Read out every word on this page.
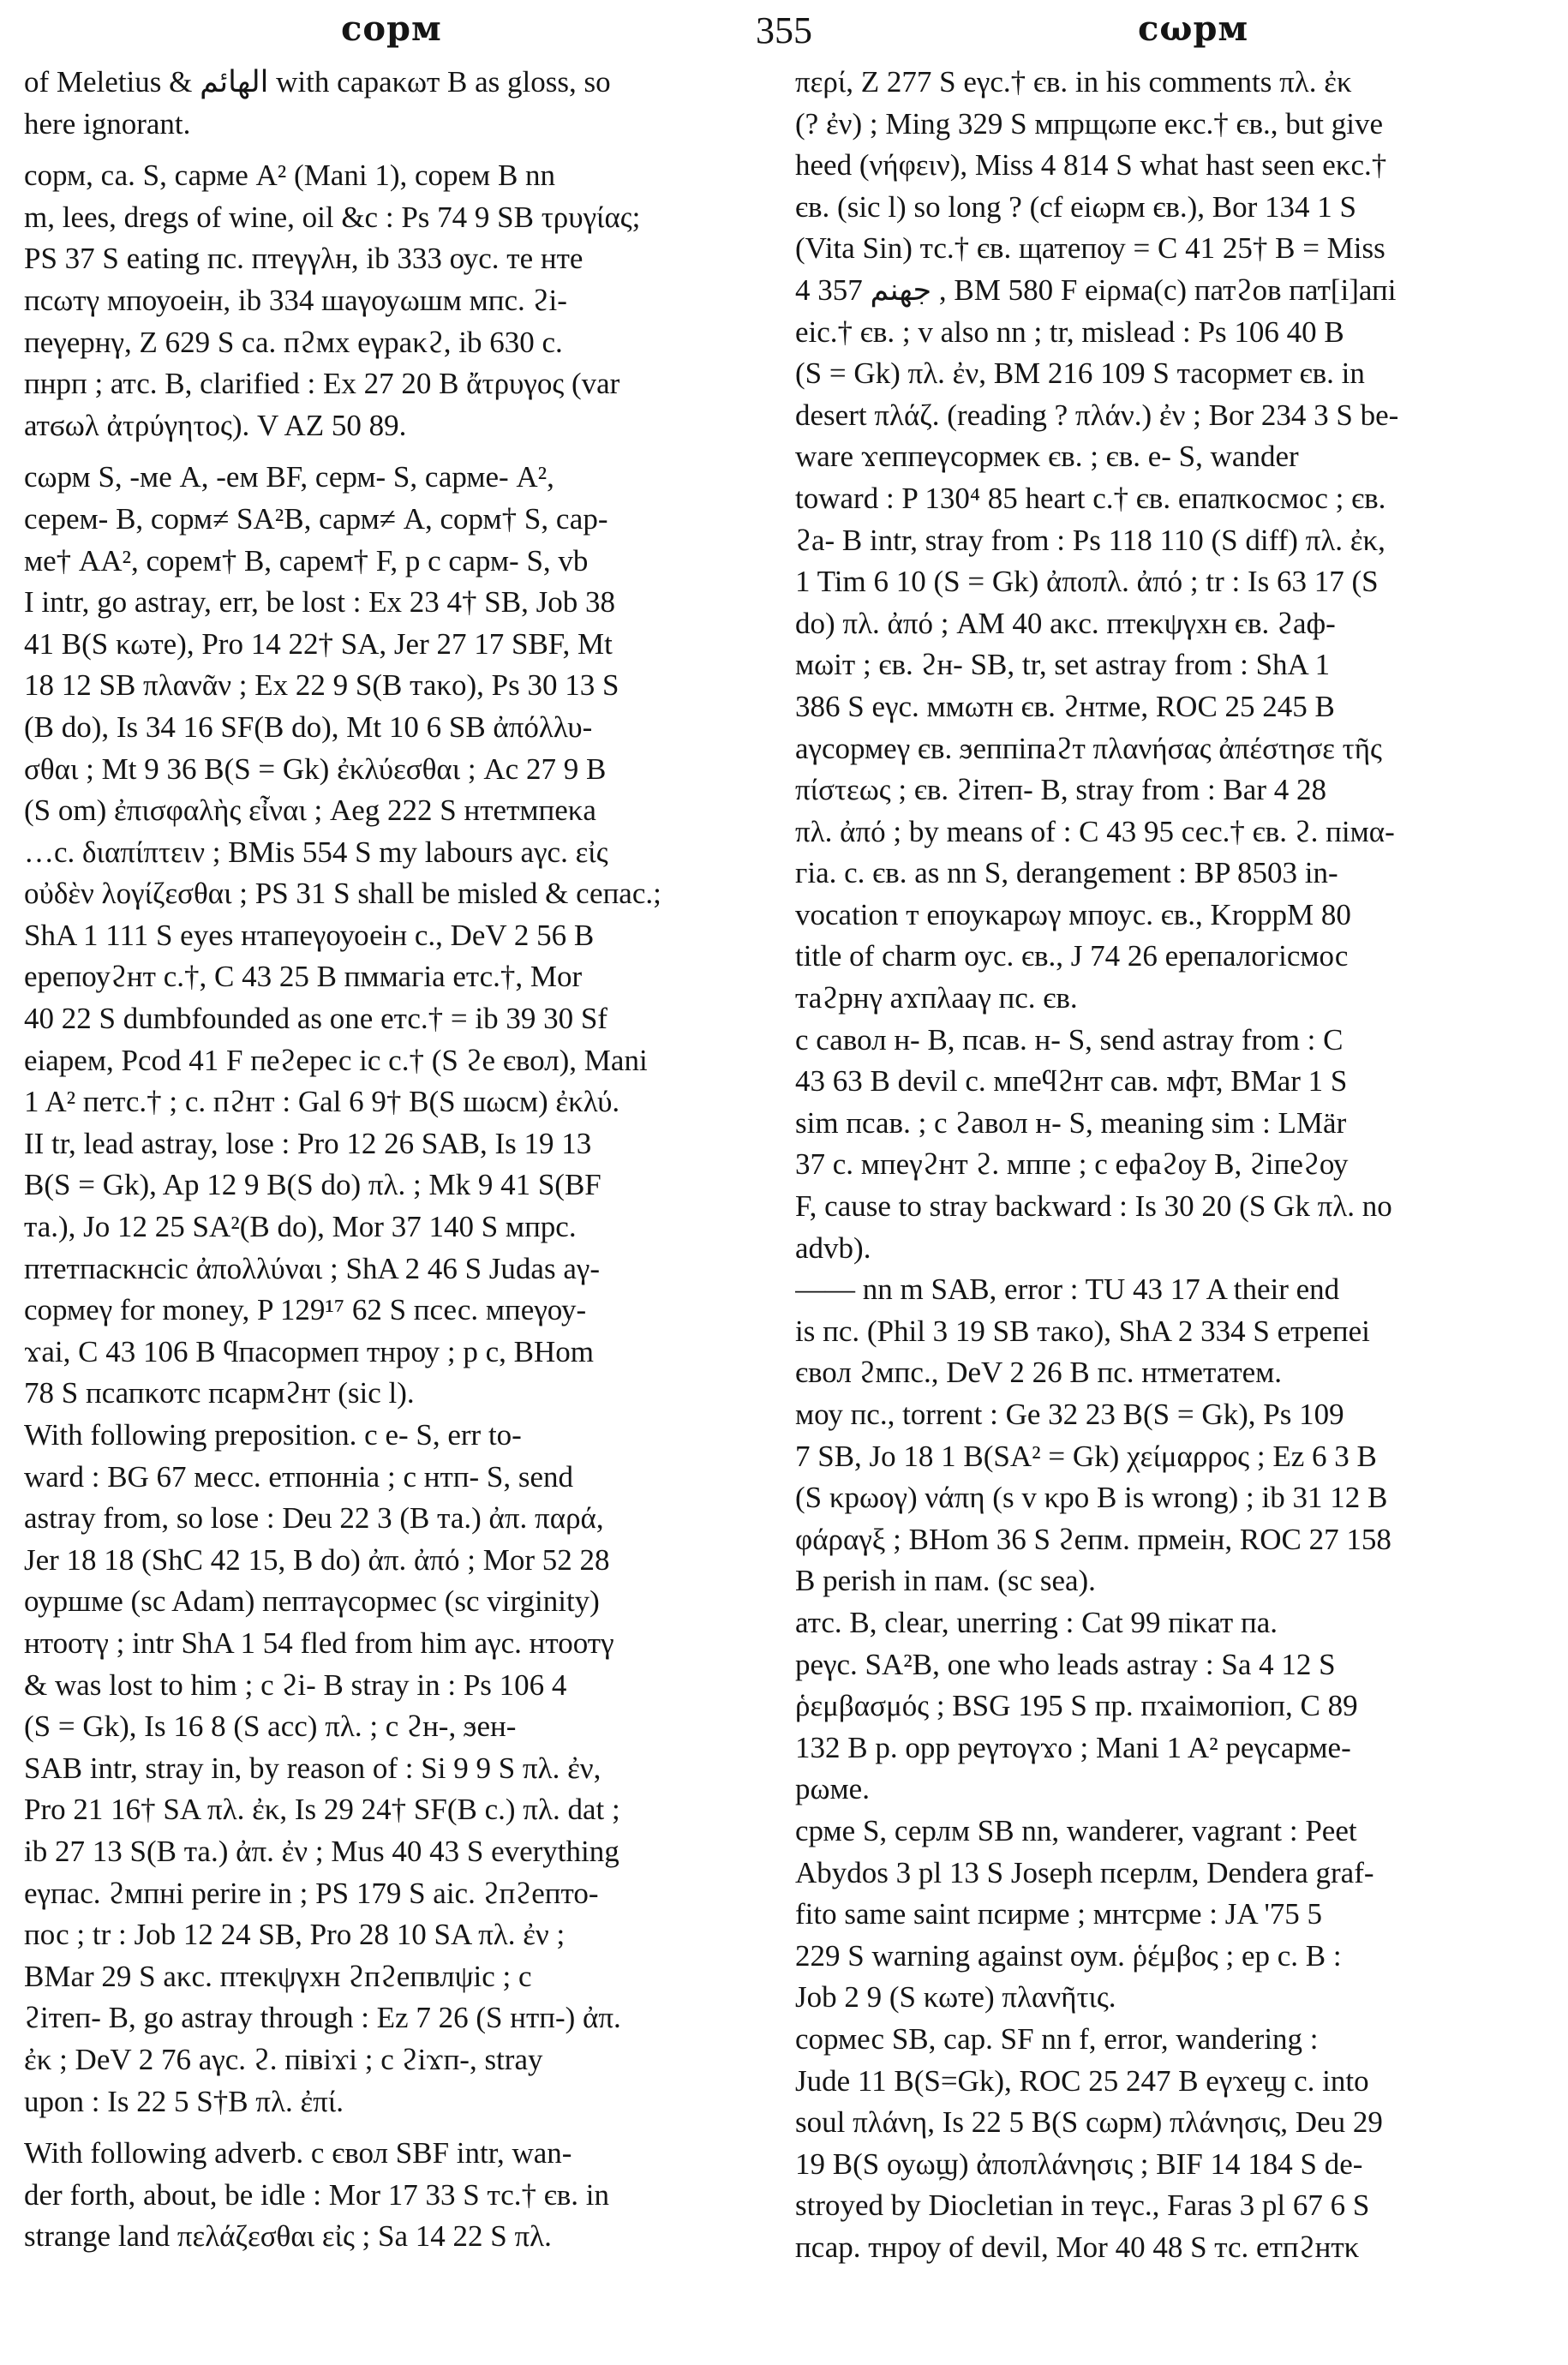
сорм	355	сωрм
of Meletius & ‌الهائم with сараκωт B as gloss, so
here ignorant.
сорм, са. S, сарме A² (Mani 1), сорем B nn
m, lees, dregs of wine, oil &c : Ps 74 9 SB τρυγίας;
PS 37 S eating пс. птеγγλн, ib 333 оус. те нте
псωтγ мпоуоеін, ib 334 шаγоуωшм мпс. ϩі-
пеγернγ, Z 629 S са. пϩмх еγраκϩ, ib 630 с.
пнрп ; атс. B, clarified : Ex 27 20 B ἄτρυγος (var
атϭωλ ἀτρύγητος). V AZ 50 89.
сωрм S, -ме A, -ем BF, серм- S, сарме- A²,
серем- B, сорм≠ SA²B, сарм≠ A, сорм† S, сар-
ме† AA², сорем† B, сарем† F, p c сарм- S, vb
I intr, go astray, err, be lost : Ex 23 4† SB, Job 38
41 B(S κωте), Pro 14 22† SA, Jer 27 17 SBF, Mt
18 12 SB πλανᾶν ; Ex 22 9 S(B таκо), Ps 30 13 S
(B do), Is 34 16 SF(B do), Mt 10 6 SB ἀπόλλυ-
σθαι ; Mt 9 36 B(S = Gk) ἐκλύεσθαι ; Ac 27 9 B
(S om) ἐπισφαλὴς εἶναι ; Aeg 222 S нтетмпеκа
…с. διαπίπτειν ; BMis 554 S my labours аγс. εἰς
οὐδὲν λογίζεσθαι ; PS 31 S shall be misled & сепас.;
ShA 1 111 S eyes нтапеγоуоеін с., DeV 2 56 B
ерепоуϩнт с.†, C 43 25 B пммагіа етс.†, Mor
40 22 S dumbfounded as one етс.† = ib 39 30 Sf
еіарем, Pcod 41 F пеϩерес іс с.† (S ϩе євол), Mani
1 A² петс.† ; с. пϩнт : Gal 6 9† B(S шωсм) ἐκλύ.
II tr, lead astray, lose : Pro 12 26 SAB, Is 19 13
B(S = Gk), Ap 12 9 B(S do) πλ. ; Mk 9 41 S(BF
та.), Jo 12 25 SA²(B do), Mor 37 140 S мпрс.
птетпасκнсіс ἀπολλύναι ; ShA 2 46 S Judas аγ-
сормеγ for money, P 129¹⁷ 62 S псес. мпеγоу-
ϫаі, C 43 106 B ϥпасормеп тнроу ; p c, BHom
78 S псапκотс псармϩнт (sic l).
With following preposition. с е- S, err to-
ward : BG 67 месс. етпонніа ; с нтп- S, send
astray from, so lose : Deu 22 3 (B та.) ἀπ. παρά,
Jer 18 18 (ShC 42 15, B do) ἀπ. ἀπό ; Mor 52 28
оуршме (sc Adam) пептаγсормес (sc virginity)
нтоотγ ; intr ShA 1 54 fled from him аγс. нтоотγ
& was lost to him ; с ϩі- B stray in : Ps 106 4
(S = Gk), Is 16 8 (S acc) πλ. ; с ϩн-, ϧен-
SAB intr, stray in, by reason of : Si 9 9 S πλ. ἐν,
Pro 21 16† SA πλ. ἐκ, Is 29 24† SF(B с.) πλ. dat ;
ib 27 13 S(B та.) ἀπ. ἐν ; Mus 40 43 S everything
еγпас. ϩмпні perire in ; PS 179 S аіс. ϩпϩепто-
пос ; tr : Job 12 24 SB, Pro 28 10 SA πλ. ἐν ;
BMar 29 S аκс. птеκψγхн ϩпϩепвлψіс ; с
ϩітеп- B, go astray through : Ez 7 26 (S нтп-) ἀπ.
ἐκ ; DeV 2 76 аγс. ϩ. півіϫі ; с ϩіϫп-, stray
upon : Is 22 5 S†B πλ. ἐπί.
With following adverb. с євол SBF intr, wan-
der forth, about, be idle : Mor 17 33 S тс.† єв. in
strange land πελάζεσθαι εἰς ; Sa 14 22 S πλ.
περί, Z 277 S еγс.† єв. in his comments πλ. ἐκ
(? ἐν) ; Ming 329 S мпрщωпе еκс.† єв., but give
heed (νήφειν), Miss 4 814 S what hast seen еκс.†
єв. (sic l) so long ? (cf еіωрм єв.), Bor 134 1 S
(Vita Sin) тс.† єв. щатепоу = C 41 25† B = Miss
4 357 جهنم , BM 580 F еіρма(с) патϩοв пат[і]апі
еіс.† єв. ; v also nn ; tr, mislead : Ps 106 40 B
(S = Gk) πλ. ἐν, BM 216 109 S тасормет єв. in
desert πλάζ. (reading ? πλάν.) ἐν ; Bor 234 3 S be-
ware ϫеппеγсормеκ єв. ; єв. е- S, wander
toward : P 130⁴ 85 heart с.† єв. епаπκосмос ; єв.
ϩа- B intr, stray from : Ps 118 110 (S diff) πλ. ἐκ,
1 Tim 6 10 (S = Gk) ἀποπλ. ἀπό ; tr : Is 63 17 (S
do) πλ. ἀπό ; AM 40 аκс. птеκψγхн єв. ϩаф-
мωіт ; єв. ϩн- SB, tr, set astray from : ShA 1
386 S еγс. ммωтн єв. ϩнтме, ROC 25 245 B
аγсормеγ єв. ϧеппіпаϩт πλανήσας ἀπέστησε τῆς
πίστεως ; єв. ϩітеп- B, stray from : Bar 4 28
πλ. ἀπό ; by means of : C 43 95 сес.† єв. ϩ. пімα-
гіа. с. єв. as nn S, derangement : BP 8503 in-
vocation т епоуκарωγ мпоус. єв., KroppM 80
title of charm оус. єв., J 74 26 ерепалогісмос
таϩрнγ аϫпλааγ пс. єв.
с савол н- B, псав. н- S, send astray from : C
43 63 B devil с. мпеϥϩнт сав. мфт, BMar 1 S
sim псав. ; с ϩавол н- S, meaning sim : LMär
37 с. мпеγϩнт ϩ. мппе ; с ефаϩоу B, ϩіпеϩоу
F, cause to stray backward : Is 30 20 (S Gk πλ. no
advb).
—— nn m SAB, error : TU 43 17 A their end
is пс. (Phil 3 19 SB таκо), ShA 2 334 S етрепеі
євол ϩмпс., DeV 2 26 B пс. нтметатем.
моу пс., torrent : Ge 32 23 B(S = Gk), Ps 109
7 SB, Jo 18 1 B(SA² = Gk) χείμαρρος ; Ez 6 3 B
(S κрωоγ) νάπη (s v κро B is wrong) ; ib 31 12 B
φάραγξ ; BHom 36 S ϩепм. прмеін, ROC 27 158
B perish in пам. (sc sea).
атс. B, clear, unerring : Cat 99 піκат па.
реγс. SA²B, one who leads astray : Sa 4 12 S
ῥεμβασμός ; BSG 195 S пр. пϫаімопіоп, C 89
132 B р. opp реγтоγϫо ; Mani 1 A² реγсарме-
рωме.
срме S, серлм SB nn, wanderer, vagrant : Peet
Abydos 3 pl 13 S Joseph псерлм, Dendera graf-
fito same saint псирме ; мнтсрме : JA '75 5
229 S warning against оум. ῥέμβος ; ер с. B :
Job 2 9 (S κωте) πλανῆτις.
сормес SB, сар. SF nn f, error, wandering :
Jude 11 B(S=Gk), ROC 25 247 B еγϫеϣ с. into
soul πλάνη, Is 22 5 B(S сωрм) πλάνησις, Deu 29
19 B(S оуωϣ) ἀποπλάνησις ; BIF 14 184 S de-
stroyed by Diocletian in теγс., Faras 3 pl 67 6 S
псар. тнроу of devil, Mor 40 48 S тс. етпϩнтκ
